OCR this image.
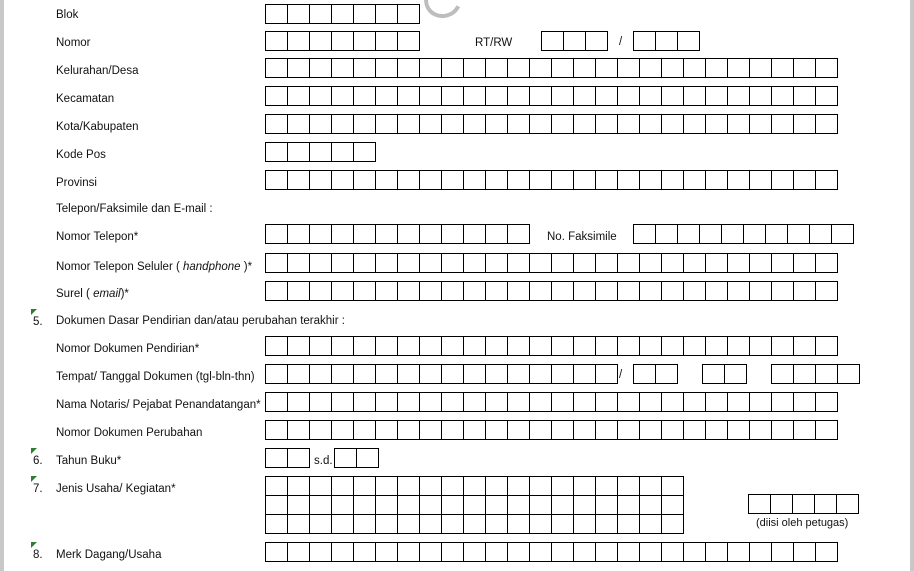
Blok
Nomor	RT/RW	/
Kelurahan/Desa
Kecamatan
Kota/Kabupaten
Kode Pos
Provinsi
Telepon/Faksimile dan E-mail :
Nomor Telepon*	No. Faksimile
Nomor Telepon Seluler ( handphone )*
Surel ( email)*
5. Dokumen Dasar Pendirian dan/atau perubahan terakhir :
Nomor Dokumen Pendirian*
Tempat/ Tanggal Dokumen (tgl-bln-thn)	/
Nama Notaris/ Pejabat Penandatangan*
Nomor Dokumen Perubahan
6. Tahun Buku*	s.d.
7. Jenis Usaha/ Kegiatan*
(diisi oleh petugas)
8. Merk Dagang/Usaha
